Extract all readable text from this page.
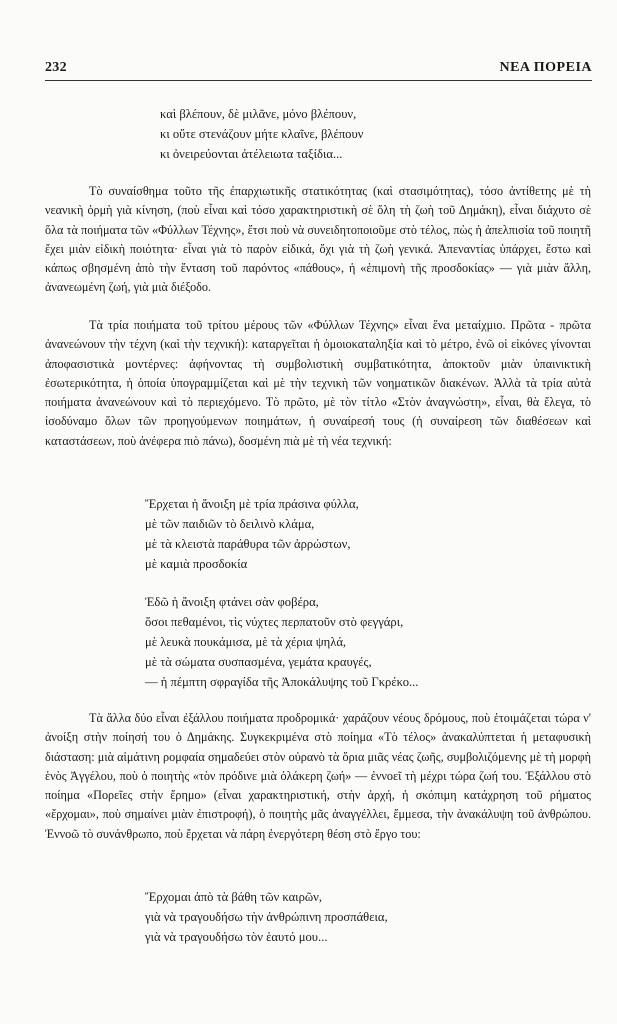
232	ΝΕΑ ΠΟΡΕΙΑ
καὶ βλέπουν, δὲ μιλᾶνε, μόνο βλέπουν,
κι οὔτε στενάζουν μήτε κλαῖνε, βλέπουν
κι ὀνειρεύονται ἀτέλειωτα ταξίδια...

Τὸ συναίσθημα τοῦτο τῆς ἐπαρχιωτικῆς στατικότητας (καὶ στασιμότητας), τόσο ἀντίθετης μὲ τὴ νεανικὴ ὁρμὴ γιὰ κίνηση, (ποὺ εἶναι καὶ τόσο χαρακτηριστικὴ σὲ ὅλη τὴ ζωὴ τοῦ Δημάκη), εἶναι διάχυτο σὲ ὅλα τὰ ποιήματα τῶν «Φύλλων Τέχνης», ἔτσι ποὺ νὰ συνειδητοποιοῦμε στὸ τέλος, πὼς ἡ ἀπελπισία τοῦ ποιητῆ ἔχει μιὰν εἰδικὴ ποιότητα· εἶναι γιὰ τὸ παρὸν εἰδικά, ὄχι γιὰ τὴ ζωὴ γενικά. Ἀπεναντίας ὑπάρχει, ἔστω καὶ κάπως σβησμένη ἀπὸ τὴν ἔνταση τοῦ παρόντος «πάθους», ἡ «ἐπιμονὴ τῆς προσδοκίας» — γιὰ μιὰν ἄλλη, ἀνανεωμένη ζωή, γιὰ μιὰ διέξοδο.

Τὰ τρία ποιήματα τοῦ τρίτου μέρους τῶν «Φύλλων Τέχνης» εἶναι ἕνα μεταίχμιο. Πρῶτα - πρῶτα ἀνανεώνουν τὴν τέχνη (καὶ τὴν τεχνική): καταργεῖται ἡ ὁμοιοκαταληξία καὶ τὸ μέτρο, ἐνῶ οἱ εἰκόνες γίνονται ἀποφασιστικὰ μοντέρνες: ἀφήνοντας τὴ συμβολιστικὴ συμβατικότητα, ἀποκτοῦν μιὰν ὑπαινικτικὴ ἐσωτερικότητα, ἡ ὁποία ὑπογραμμίζεται καὶ μὲ τὴν τεχνικὴ τῶν νοηματικῶν διακένων. Ἀλλὰ τὰ τρία αὐτὰ ποιήματα ἀνανεώνουν καὶ τὸ περιεχόμενο. Τὸ πρῶτο, μὲ τὸν τίτλο «Στὸν ἀναγνώστη», εἶναι, θὰ ἔλεγα, τὸ ἰσοδύναμο ὅλων τῶν προηγούμενων ποιημάτων, ἡ συναίρεσή τους (ἡ συναίρεση τῶν διαθέσεων καὶ καταστάσεων, ποὺ ἀνέφερα πιὸ πάνω), δοσμένη πιὰ μὲ τὴ νέα τεχνική:

Ἔρχεται ἡ ἄνοιξη μὲ τρία πράσινα φύλλα,
μὲ τῶν παιδιῶν τὸ δειλινὸ κλάμα,
μὲ τὰ κλειστὰ παράθυρα τῶν ἀρρώστων,
μὲ καμιὰ προσδοκία
Ἐδῶ ἡ ἄνοιξη φτάνει σὰν φοβέρα,
ὅσοι πεθαμένοι, τὶς νύχτες περπατοῦν στὸ φεγγάρι,
μὲ λευκὰ πουκάμισα, μὲ τὰ χέρια ψηλά,
μὲ τὰ σώματα συσπασμένα, γεμάτα κραυγές,
— ἡ πέμπτη σφραγίδα τῆς Ἀποκάλυψης τοῦ Γκρέκο...

Τὰ ἄλλα δύο εἶναι ἐξάλλου ποιήματα προδρομικά· χαράζουν νέους δρόμους, ποὺ ἑτοιμάζεται τώρα ν' ἀνοίξη στὴν ποίησή του ὁ Δημάκης. Συγκεκριμένα στὸ ποίημα «Τὸ τέλος» ἀνακαλύπτεται ἡ μεταφυσικὴ διάσταση: μιὰ αἱμάτινη ρομφαία σημαδεύει στὸν οὐρανὸ τὰ ὅρια μιᾶς νέας ζωῆς, συμβολιζόμενης μὲ τὴ μορφὴ ἑνὸς Ἀγγέλου, ποὺ ὁ ποιητὴς «τὸν πρόδινε μιὰ ὁλάκερη ζωή» — ἐννοεῖ τὴ μέχρι τώρα ζωή του. Ἐξάλλου στὸ ποίημα «Πορεῖες στὴν ἔρημο» (εἶναι χαρακτηριστική, στὴν ἀρχή, ἡ σκόπιμη κατάχρηση τοῦ ρήματος «ἔρχομαι», ποὺ σημαίνει μιὰν ἐπιστροφή), ὁ ποιητὴς μᾶς ἀναγγέλλει, ἔμμεσα, τὴν ἀνακάλυψη τοῦ ἀνθρώπου. Ἐννοῶ τὸ συνάνθρωπο, ποὺ ἔρχεται νὰ πάρη ἐνεργότερη θέση στὸ ἔργο του:

Ἔρχομαι ἀπὸ τὰ βάθη τῶν καιρῶν,
γιὰ νὰ τραγουδήσω τὴν ἀνθρώπινη προσπάθεια,
γιὰ νὰ τραγουδήσω τὸν ἑαυτό μου...
